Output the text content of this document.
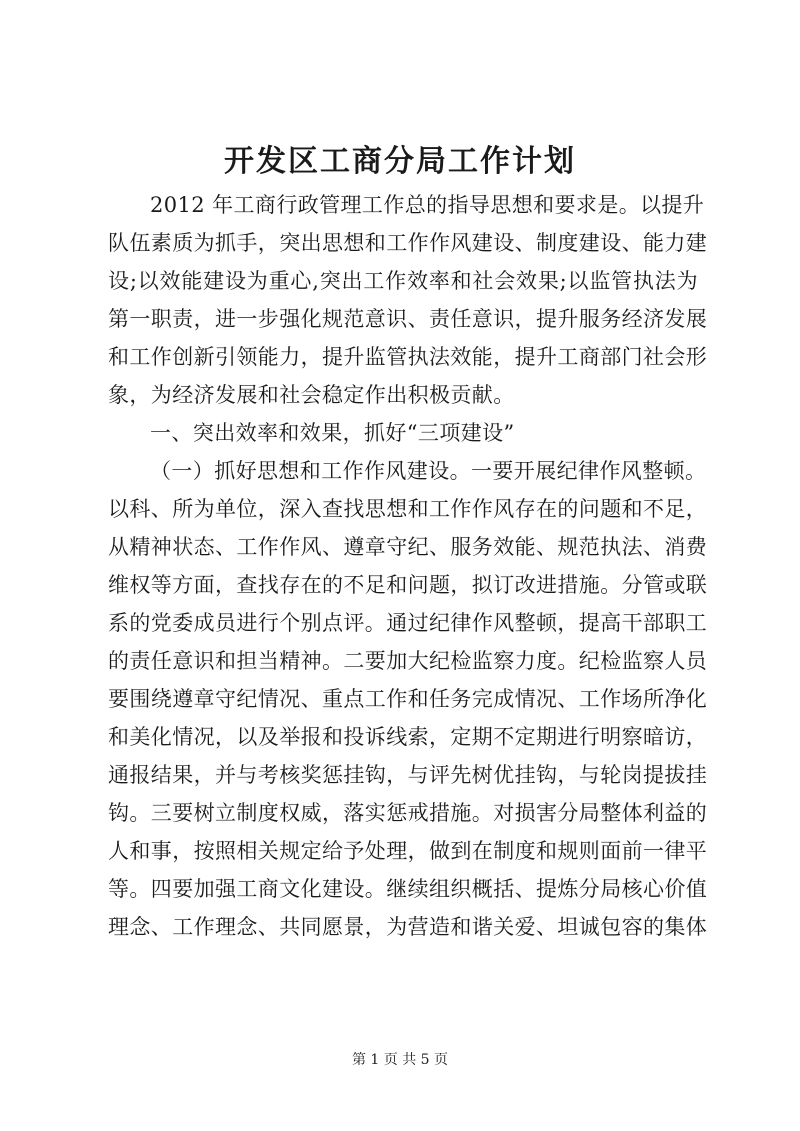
开发区工商分局工作计划
2012 年工商行政管理工作总的指导思想和要求是。以提升
队伍素质为抓手，突出思想和工作作风建设、制度建设、能力建
设;以效能建设为重心,突出工作效率和社会效果;以监管执法为
第一职责，进一步强化规范意识、责任意识，提升服务经济发展
和工作创新引领能力，提升监管执法效能，提升工商部门社会形
象，为经济发展和社会稳定作出积极贡献。
一、突出效率和效果，抓好“三项建设”
（一）抓好思想和工作作风建设。一要开展纪律作风整顿。
以科、所为单位，深入查找思想和工作作风存在的问题和不足，
从精神状态、工作作风、遵章守纪、服务效能、规范执法、消费
维权等方面，查找存在的不足和问题，拟订改进措施。分管或联
系的党委成员进行个别点评。通过纪律作风整顿，提高干部职工
的责任意识和担当精神。二要加大纪检监察力度。纪检监察人员
要围绕遵章守纪情况、重点工作和任务完成情况、工作场所净化
和美化情况，以及举报和投诉线索，定期不定期进行明察暗访，
通报结果，并与考核奖惩挂钩，与评先树优挂钩，与轮岗提拔挂
钩。三要树立制度权威，落实惩戒措施。对损害分局整体利益的
人和事，按照相关规定给予处理，做到在制度和规则面前一律平
等。四要加强工商文化建设。继续组织概括、提炼分局核心价值
理念、工作理念、共同愿景，为营造和谐关爱、坦诚包容的集体
第 1 页 共 5 页
